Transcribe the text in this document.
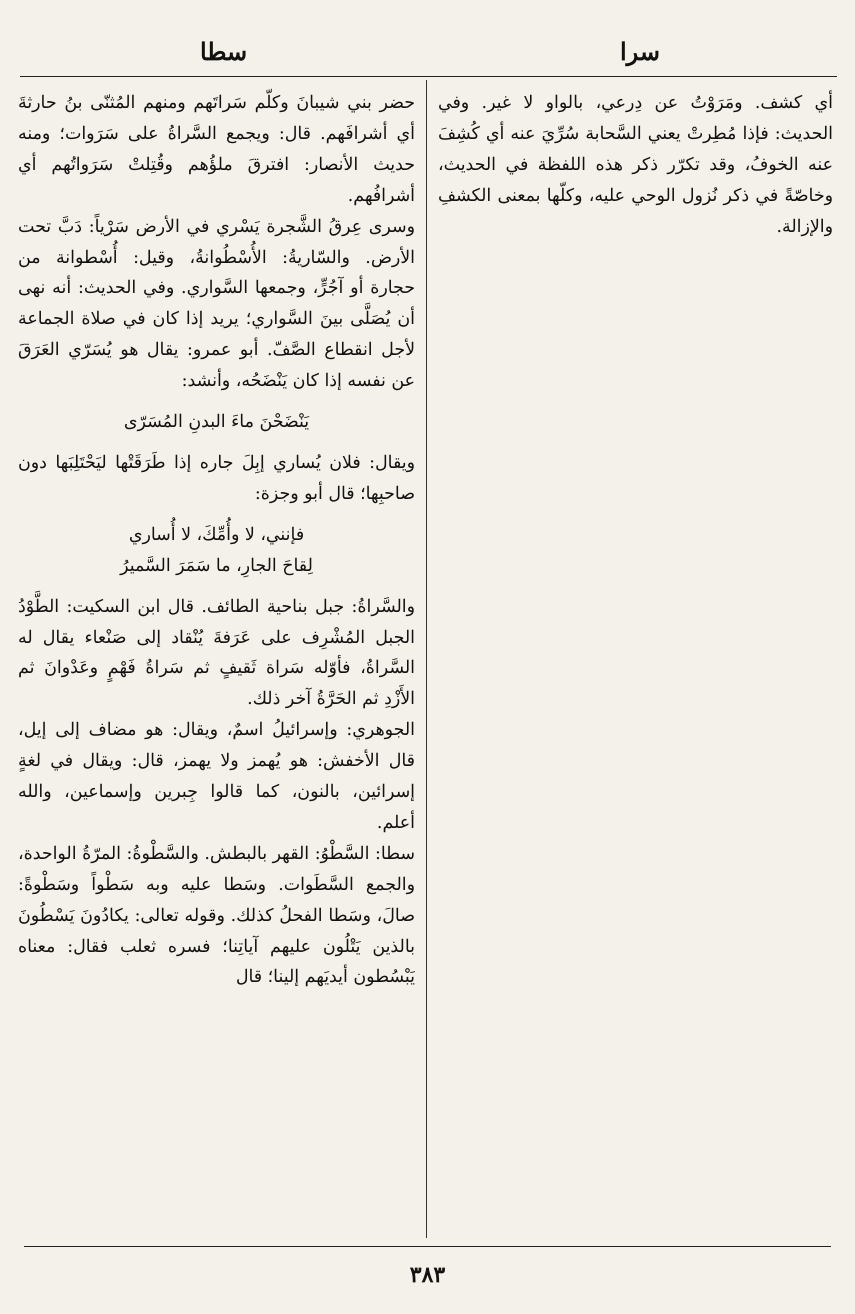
سرا
سطا

أي كشف. ومَرَوْتُ عن دِرعي، بالواو لا غير. وفي الحديث: فإذا مُطِرتْ يعني السَّحابة سُرِّيَ عنه أي كُشِفَ عنه الخوفُ، وقد تكرّر ذكر هذه اللفظة في الحديث، وخاصّةً في ذكر نُزول الوحي عليه، وكلّها بمعنى الكشفِ والإزالة.

حضر بني شيبانَ وكلّم سَراتَهم ومنهم المُثنّى بنُ حارثةَ أي أشرافَهم. قال: ويجمع السَّراةُ على سَرَوات؛ ومنه حديث الأنصار: افترقَ ملؤُهم وقُتِلتْ سَرَواتُهم أي أشرافُهم.

وسرى عِرقُ الشَّجرة يَسْري في الأرض سَرْياً: دَبَّ تحت الأرض. والسّاريةُ: الأُسْطُوانةُ، وقيل: أُسْطوانة من حجارة أو آجُرٍّ، وجمعها السَّواري. وفي الحديث: أنه نهى أن يُصَلَّى بينَ السَّواري؛ يريد إذا كان في صلاة الجماعة لأجل انقطاع الصَّفّ. أبو عمرو: يقال هو يُسَرّي العَرَقَ عن نفسه إذا كان يَنْضَحُه، وأنشد:

يَنْضَحْنَ ماءَ البدنِ المُسَرّى

ويقال: فلان يُساري إبِلَ جاره إذا طَرَقَتْها ليَحْتَلِبَها دون صاحبِها؛ قال أبو وجزة:

فإنني، لا وأُمِّكَ، لا أُساري
لِقاحَ الجارِ، ما سَمَرَ السَّميرُ

والسَّراةُ: جبل بناحية الطائف. قال ابن السكيت: الطَّوْدُ الجبل المُشْرِف على عَرَفةَ يُنْقاد إلى صَنْعاء يقال له السَّراةُ، فأوّله سَراة ثَقيفٍ ثم سَراةُ فَهْمٍ وعَدْوانَ ثم الأَزْدِ ثم الحَرَّةُ آخر ذلك.

الجوهري: وإسرائيلُ اسمٌ، ويقال: هو مضاف إلى إيل، قال الأخفش: هو يُهمز ولا يهمز، قال: ويقال في لغةٍ إسرائين، بالنون، كما قالوا جِبرين وإسماعين، والله أعلم.

سطا: السَّطْوُ: القهر بالبطش. والسَّطْوةُ: المرّةُ الواحدة، والجمع السَّطَوات. وسَطا عليه وبه سَطْواً وسَطْوةً: صالَ، وسَطا الفحلُ كذلك. وقوله تعالى: يكادُونَ يَسْطُونَ بالذين يَتْلُون عليهم آياتِنا؛ فسره ثعلب فقال: معناه يَبْسُطون أيديَهم إلينا؛ قال

٣٨٣
